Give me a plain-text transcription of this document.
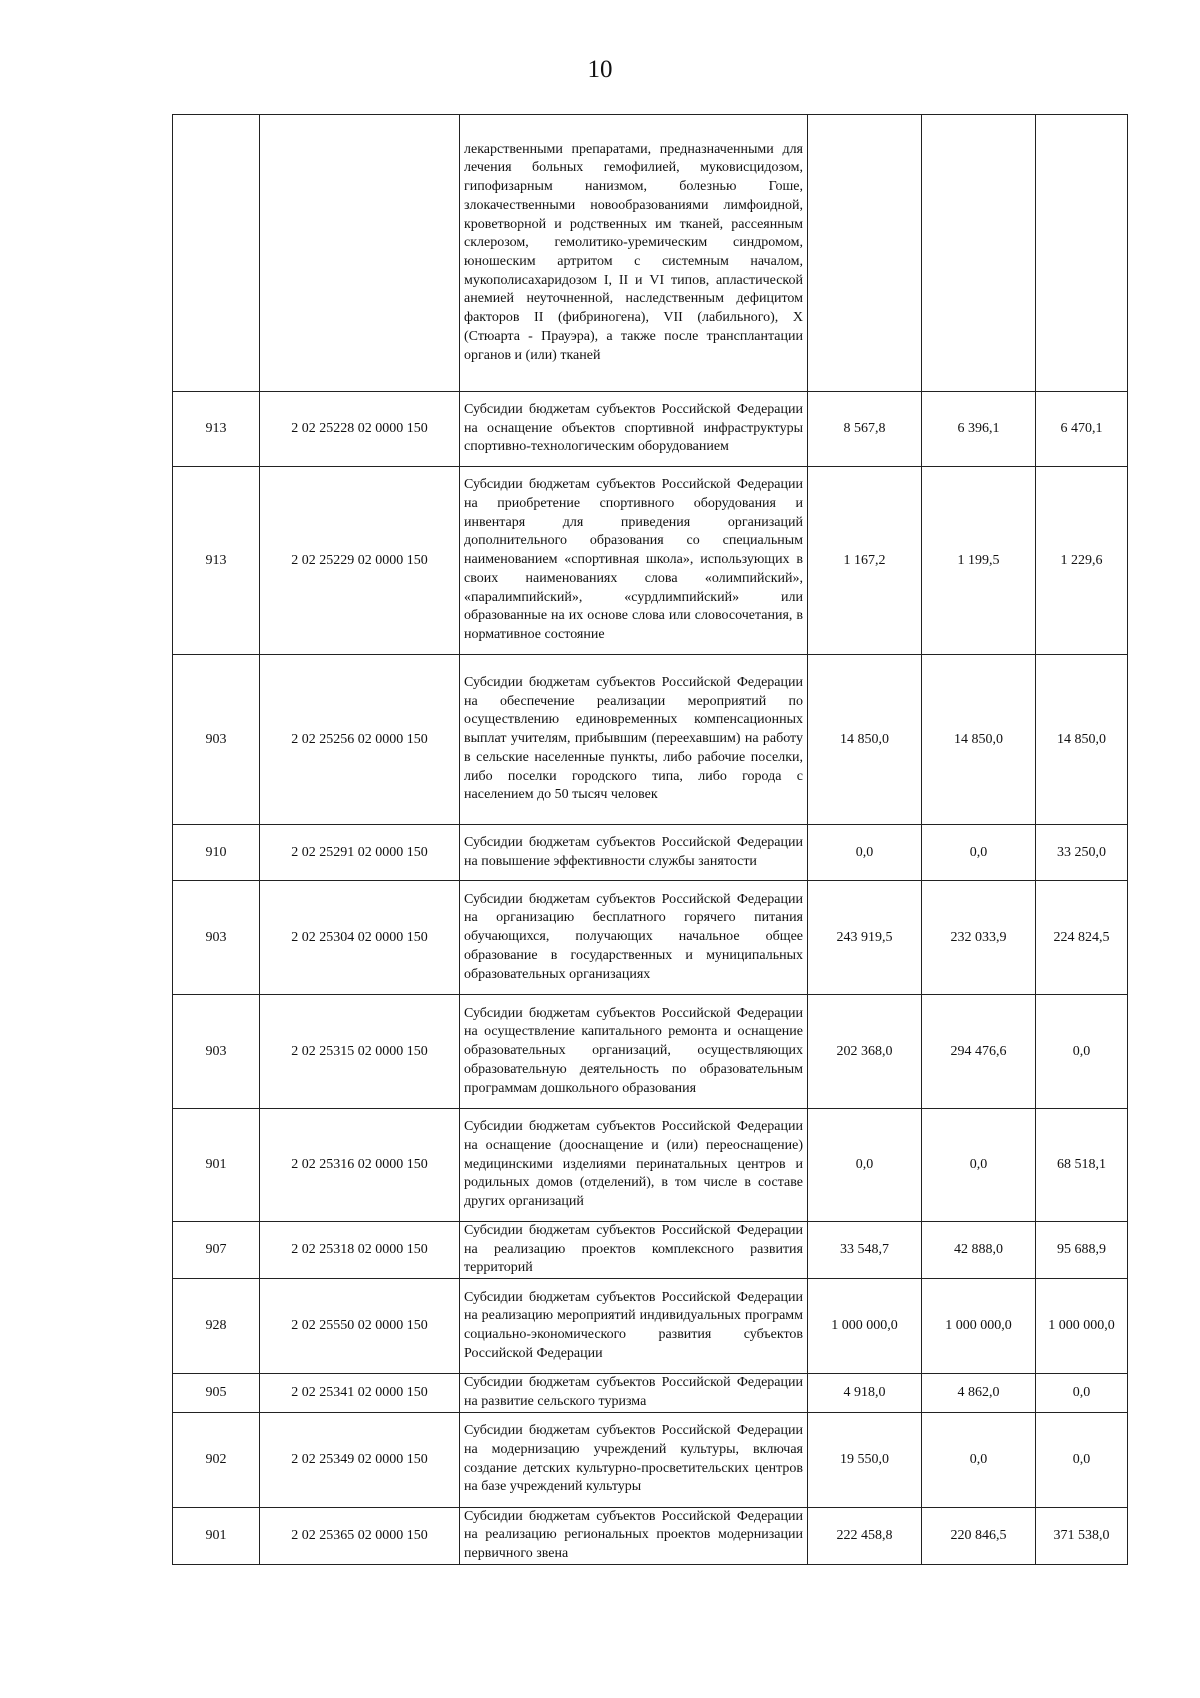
10
		лекарственными препаратами, предназначенными для лечения больных гемофилией, муковисцидозом, гипофизарным нанизмом, болезнью Гоше, злокачественными новообразованиями лимфоидной, кроветворной и родственных им тканей, рассеянным склерозом, гемолитико-уремическим синдромом, юношеским артритом с системным началом, мукополисахаридозом I, II и VI типов, апластической анемией неуточненной, наследственным дефицитом факторов II (фибриногена), VII (лабильного), X (Стюарта - Прауэра), а также после трансплантации органов и (или) тканей			
913	2 02 25228 02 0000 150	Субсидии бюджетам субъектов Российской Федерации на оснащение объектов спортивной инфраструктуры спортивно-технологическим оборудованием	8 567,8	6 396,1	6 470,1
913	2 02 25229 02 0000 150	Субсидии бюджетам субъектов Российской Федерации на приобретение спортивного оборудования и инвентаря для приведения организаций дополнительного образования со специальным наименованием «спортивная школа», использующих в своих наименованиях слова «олимпийский», «паралимпийский», «сурдлимпийский» или образованные на их основе слова или словосочетания, в нормативное состояние	1 167,2	1 199,5	1 229,6
903	2 02 25256 02 0000 150	Субсидии бюджетам субъектов Российской Федерации на обеспечение реализации мероприятий по осуществлению единовременных компенсационных выплат учителям, прибывшим (переехавшим) на работу в сельские населенные пункты, либо рабочие поселки, либо поселки городского типа, либо города с населением до 50 тысяч человек	14 850,0	14 850,0	14 850,0
910	2 02 25291 02 0000 150	Субсидии бюджетам субъектов Российской Федерации на повышение эффективности службы занятости	0,0	0,0	33 250,0
903	2 02 25304 02 0000 150	Субсидии бюджетам субъектов Российской Федерации на организацию бесплатного горячего питания обучающихся, получающих начальное общее образование в государственных и муниципальных образовательных организациях	243 919,5	232 033,9	224 824,5
903	2 02 25315 02 0000 150	Субсидии бюджетам субъектов Российской Федерации на осуществление капитального ремонта и оснащение образовательных организаций, осуществляющих образовательную деятельность по образовательным программам дошкольного образования	202 368,0	294 476,6	0,0
901	2 02 25316 02 0000 150	Субсидии бюджетам субъектов Российской Федерации на оснащение (дооснащение и (или) переоснащение) медицинскими изделиями перинатальных центров и родильных домов (отделений), в том числе в составе других организаций	0,0	0,0	68 518,1
907	2 02 25318 02 0000 150	Субсидии бюджетам субъектов Российской Федерации на реализацию проектов комплексного развития территорий	33 548,7	42 888,0	95 688,9
928	2 02 25550 02 0000 150	Субсидии бюджетам субъектов Российской Федерации на реализацию мероприятий индивидуальных программ социально-экономического развития субъектов Российской Федерации	1 000 000,0	1 000 000,0	1 000 000,0
905	2 02 25341 02 0000 150	Субсидии бюджетам субъектов Российской Федерации на развитие сельского туризма	4 918,0	4 862,0	0,0
902	2 02 25349 02 0000 150	Субсидии бюджетам субъектов Российской Федерации на модернизацию учреждений культуры, включая создание детских культурно-просветительских центров на базе учреждений культуры	19 550,0	0,0	0,0
901	2 02 25365 02 0000 150	Субсидии бюджетам субъектов Российской Федерации на реализацию региональных проектов модернизации первичного звена	222 458,8	220 846,5	371 538,0
